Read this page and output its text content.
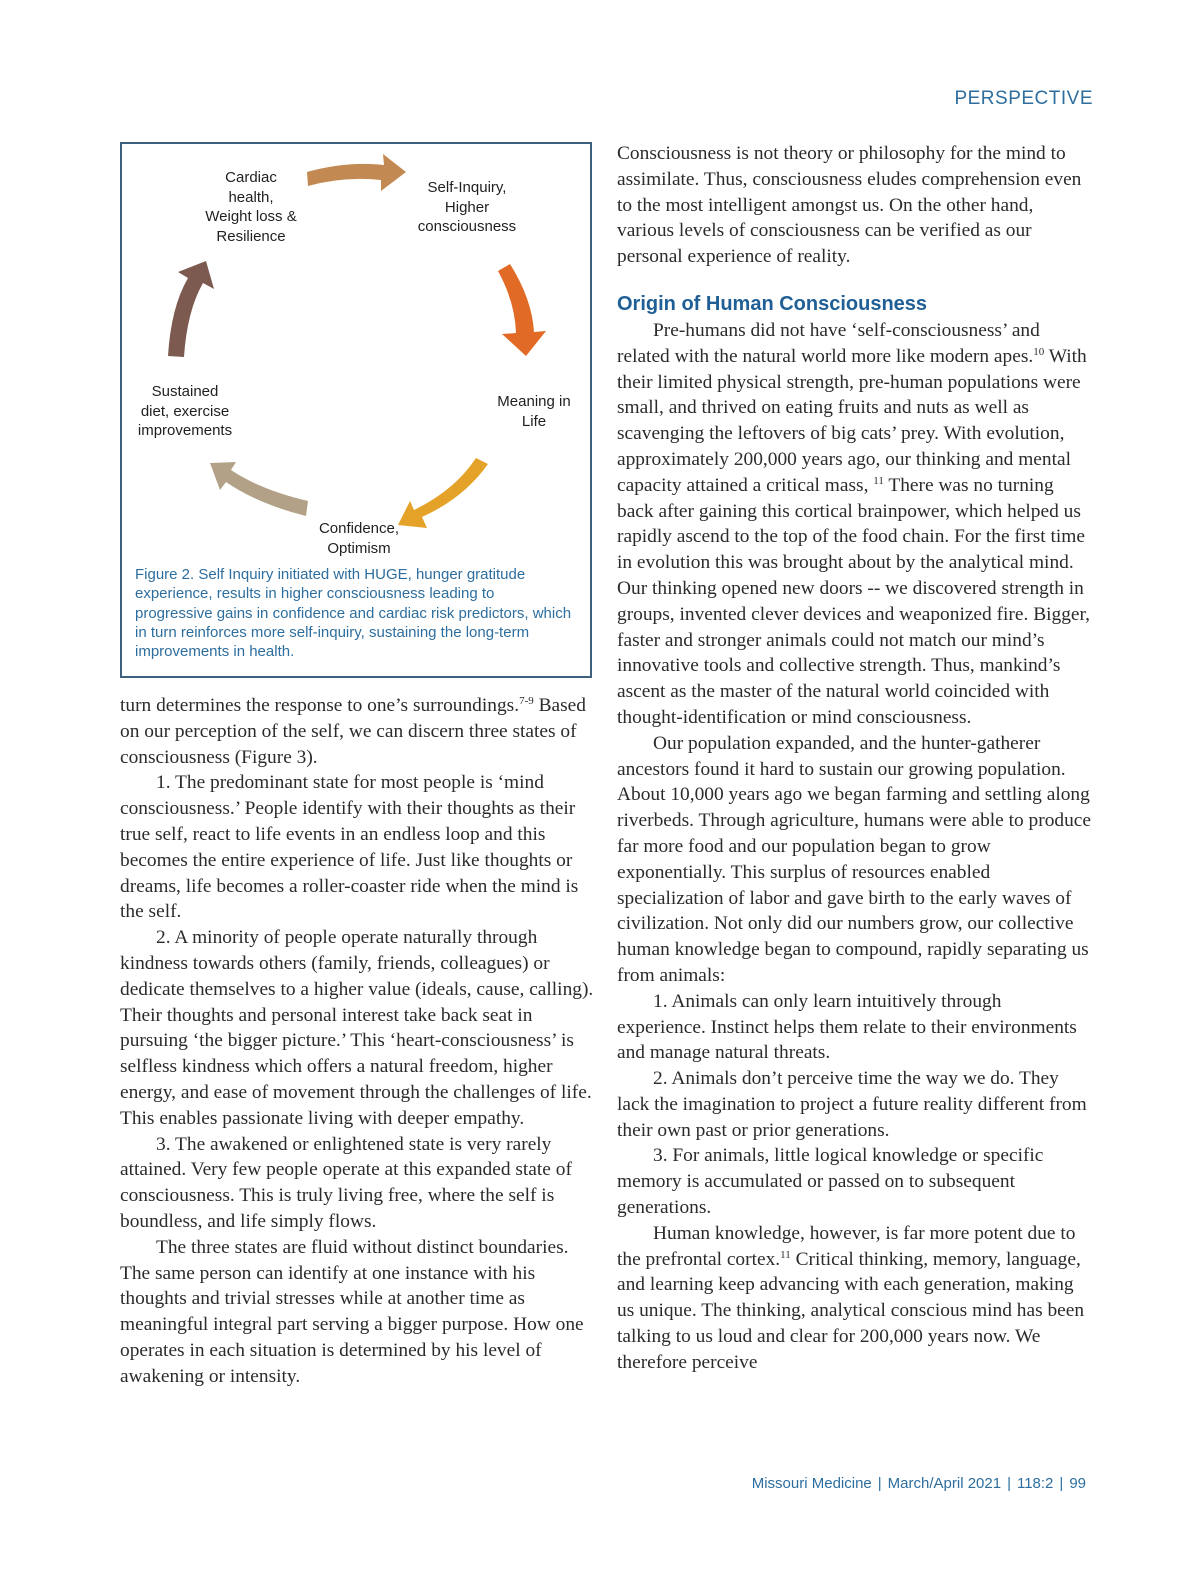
PERSPECTIVE
Cardiac
health,
Weight loss &
Resilience
Self-Inquiry,
Higher
consciousness
Meaning in
Life
Confidence,
Optimism
Sustained
diet, exercise
improvements
Figure 2. Self Inquiry initiated with HUGE, hunger gratitude experience, results in higher consciousness leading to progressive gains in confidence and cardiac risk predictors, which in turn reinforces more self-inquiry, sustaining the long-term improvements in health.

turn determines the response to one’s surroundings.$^{7-9}$ Based on our perception of the self, we can discern three states of consciousness (Figure 3).

1. The predominant state for most people is ‘mind consciousness.’ People identify with their thoughts as their true self, react to life events in an endless loop and this becomes the entire experience of life. Just like thoughts or dreams, life becomes a roller-coaster ride when the mind is the self.

2. A minority of people operate naturally through kindness towards others (family, friends, colleagues) or dedicate themselves to a higher value (ideals, cause, calling). Their thoughts and personal interest take back seat in pursuing ‘the bigger picture.’ This ‘heart-consciousness’ is selfless kindness which offers a natural freedom, higher energy, and ease of movement through the challenges of life. This enables passionate living with deeper empathy.

3. The awakened or enlightened state is very rarely attained. Very few people operate at this expanded state of consciousness. This is truly living free, where the self is boundless, and life simply flows.

The three states are fluid without distinct boundaries. The same person can identify at one instance with his thoughts and trivial stresses while at another time as meaningful integral part serving a bigger purpose. How one operates in each situation is determined by his level of awakening or intensity.

Consciousness is not theory or philosophy for the mind to assimilate. Thus, consciousness eludes comprehension even to the most intelligent amongst us. On the other hand, various levels of consciousness can be verified as our personal experience of reality.

Origin of Human Consciousness

Pre-humans did not have ‘self-consciousness’ and related with the natural world more like modern apes.$^{10}$ With their limited physical strength, pre-human populations were small, and thrived on eating fruits and nuts as well as scavenging the leftovers of big cats’ prey. With evolution, approximately 200,000 years ago, our thinking and mental capacity attained a critical mass, $^{11}$ There was no turning back after gaining this cortical brainpower, which helped us rapidly ascend to the top of the food chain. For the first time in evolution this was brought about by the analytical mind. Our thinking opened new doors -- we discovered strength in groups, invented clever devices and weaponized fire. Bigger, faster and stronger animals could not match our mind’s innovative tools and collective strength. Thus, mankind’s ascent as the master of the natural world coincided with thought-identification or mind consciousness.

Our population expanded, and the hunter-gatherer ancestors found it hard to sustain our growing population. About 10,000 years ago we began farming and settling along riverbeds. Through agriculture, humans were able to produce far more food and our population began to grow exponentially. This surplus of resources enabled specialization of labor and gave birth to the early waves of civilization. Not only did our numbers grow, our collective human knowledge began to compound, rapidly separating us from animals:

1. Animals can only learn intuitively through experience. Instinct helps them relate to their environments and manage natural threats.

2. Animals don’t perceive time the way we do. They lack the imagination to project a future reality different from their own past or prior generations.

3. For animals, little logical knowledge or specific memory is accumulated or passed on to subsequent generations.

Human knowledge, however, is far more potent due to the prefrontal cortex.$^{11}$ Critical thinking, memory, language, and learning keep advancing with each generation, making us unique. The thinking, analytical conscious mind has been talking to us loud and clear for 200,000 years now. We therefore perceive

Missouri Medicine | March/April 2021 | 118:2 | 99
